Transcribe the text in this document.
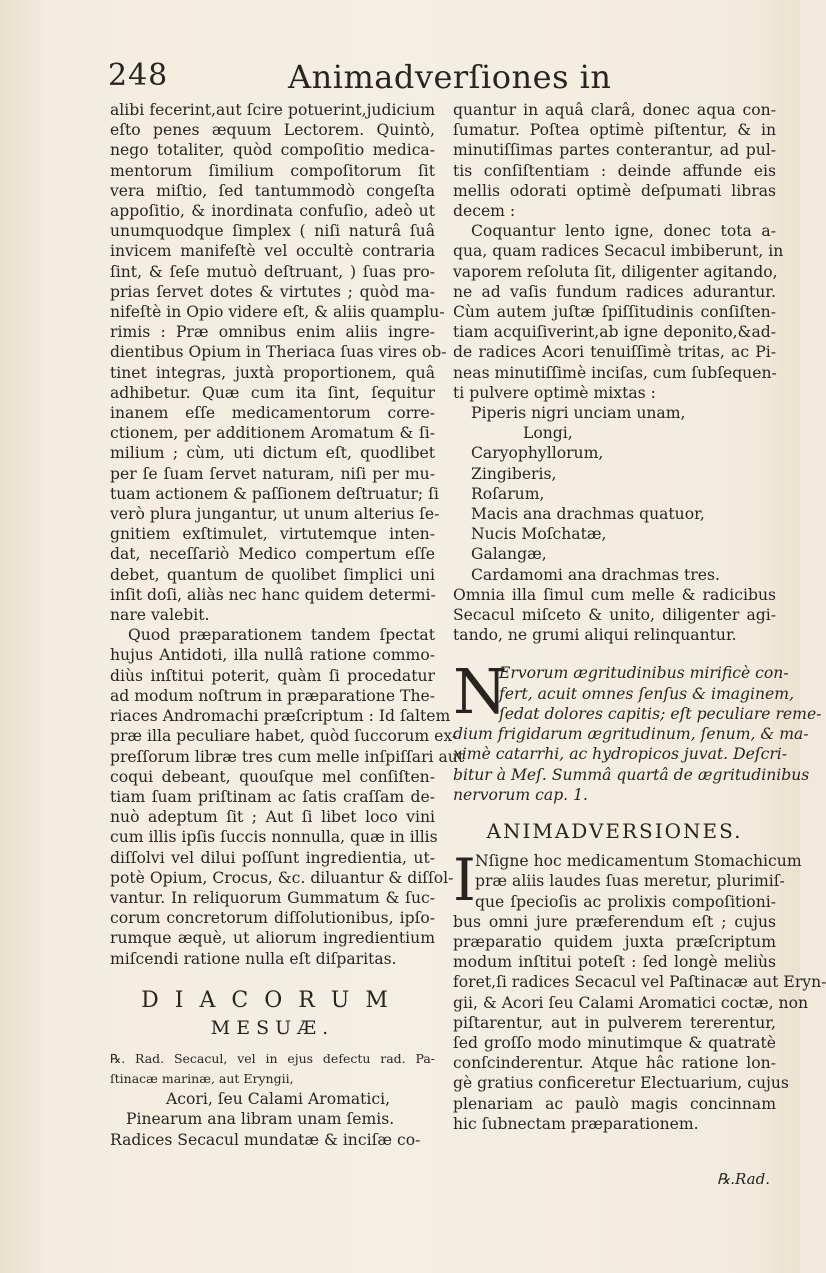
248	Animadverſiones in
alibi fecerint,aut ſcire potuerint,judicium
eſto penes æquum Lectorem. Quintò,
nego totaliter, quòd compoſitio medica-
mentorum ſimilium compoſitorum ſit
vera miſtio, ſed tantummodò congeſta
appoſitio, & inordinata confuſio, adeò ut
unumquodque ſimplex ( niſi naturâ ſuâ
invicem manifeſtè vel occultè contraria
ſint, & ſeſe mutuò deſtruant, ) ſuas pro-
prias ſervet dotes & virtutes ; quòd ma-
nifeſtè in Opio videre eſt, & aliis quamplu-
rimis : Præ omnibus enim aliis ingre-
dientibus Opium in Theriaca ſuas vires ob-
tinet integras, juxtà proportionem, quâ
adhibetur. Quæ cum ita ſint, ſequitur
inanem eſſe medicamentorum corre-
ctionem, per additionem Aromatum & ſi-
milium ; cùm, uti dictum eſt, quodlibet
per ſe ſuam ſervet naturam, niſi per mu-
tuam actionem & paſſionem deſtruatur; ſi
verò plura jungantur, ut unum alterius ſe-
gnitiem exſtimulet, virtutemque inten-
dat, neceſſariò Medico compertum eſſe
debet, quantum de quolibet ſimplici uni
inſit doſi, aliàs nec hanc quidem determi-
nare valebit.
Quod præparationem tandem ſpectat
hujus Antidoti, illa nullâ ratione commo-
diùs inſtitui poterit, quàm ſi procedatur
ad modum noſtrum in præparatione The-
riaces Andromachi præſcriptum : Id ſaltem
præ illa peculiare habet, quòd ſuccorum ex-
preſſorum libræ tres cum melle inſpiſſari aut
coqui debeant, quouſque mel conſiſten-
tiam ſuam priſtinam ac ſatis craſſam de-
nuò adeptum ſit ; Aut ſi libet loco vini
cum illis ipſis ſuccis nonnulla, quæ in illis
diſſolvi vel dilui poſſunt ingredientia, ut-
potè Opium, Crocus, &c. diluantur & diſſol-
vantur. In reliquorum Gummatum & ſuc-
corum concretorum diſſolutionibus, ipſo-
rumque æquè, ut aliorum ingredientium
miſcendi ratione nulla eſt diſparitas.
DIACORUM
MESUÆ.
℞. Rad. Secacul, vel in ejus defectu rad. Pa-
ſtinacæ marinæ, aut Eryngii,
Acori, ſeu Calami Aromatici,
Pinearum ana libram unam ſemis.
Radices Secacul mundatæ & inciſæ co-
quantur in aquâ clarâ, donec aqua con-
ſumatur. Poſtea optimè piſtentur, & in
minutiſſimas partes conterantur, ad pul-
tis conſiſtentiam : deinde affunde eis
mellis odorati optimè deſpumati libras
decem :
Coquantur lento igne, donec tota a-
qua, quam radices Secacul imbiberunt, in
vaporem reſoluta ſit, diligenter agitando,
ne ad vaſis fundum radices adurantur.
Cùm autem juſtæ ſpiſſitudinis conſiſten-
tiam acquiſiverint,ab igne deponito,&ad-
de radices Acori tenuiſſimè tritas, ac Pi-
neas minutiſſimè inciſas, cum ſubſequen-
ti pulvere optimè mixtas :
Piperis nigri unciam unam,
Longi,
Caryophyllorum,
Zingiberis,
Roſarum,
Macis ana drachmas quatuor,
Nucis Moſchatæ,
Galangæ,
Cardamomi ana drachmas tres.
Omnia illa ſimul cum melle & radicibus
Secacul miſceto & unito, diligenter agi-
tando, ne grumi aliqui relinquantur.
N
Ervorum ægritudinibus mirificè con-
fert, acuit omnes ſenſus & imaginem,
ſedat dolores capitis; eſt peculiare reme-
dium frigidarum ægritudinum, ſenum, & ma-
ximè catarrhi, ac hydropicos juvat. Deſcri-
bitur à Meſ. Summâ quartâ de ægritudinibus
nervorum cap. 1.
ANIMADVERSIONES.
I Nſigne hoc medicamentum Stomachicum
præ aliis laudes ſuas meretur, plurimiſ-
que ſpecioſis ac prolixis compoſitioni-
bus omni jure præferendum eſt ; cujus
præparatio quidem juxta præſcriptum
modum inſtitui poteſt : ſed longè meliùs
foret,ſi radices Secacul vel Paſtinacæ aut Eryn-
gii, & Acori ſeu Calami Aromatici coctæ, non
piſtarentur, aut in pulverem tererentur,
ſed groſſo modo minutimque & quatratè
conſcinderentur. Atque hâc ratione lon-
gè gratius conficeretur Electuarium, cujus
plenariam ac paulò magis concinnam
hic ſubnectam præparationem.
℞.Rad.
